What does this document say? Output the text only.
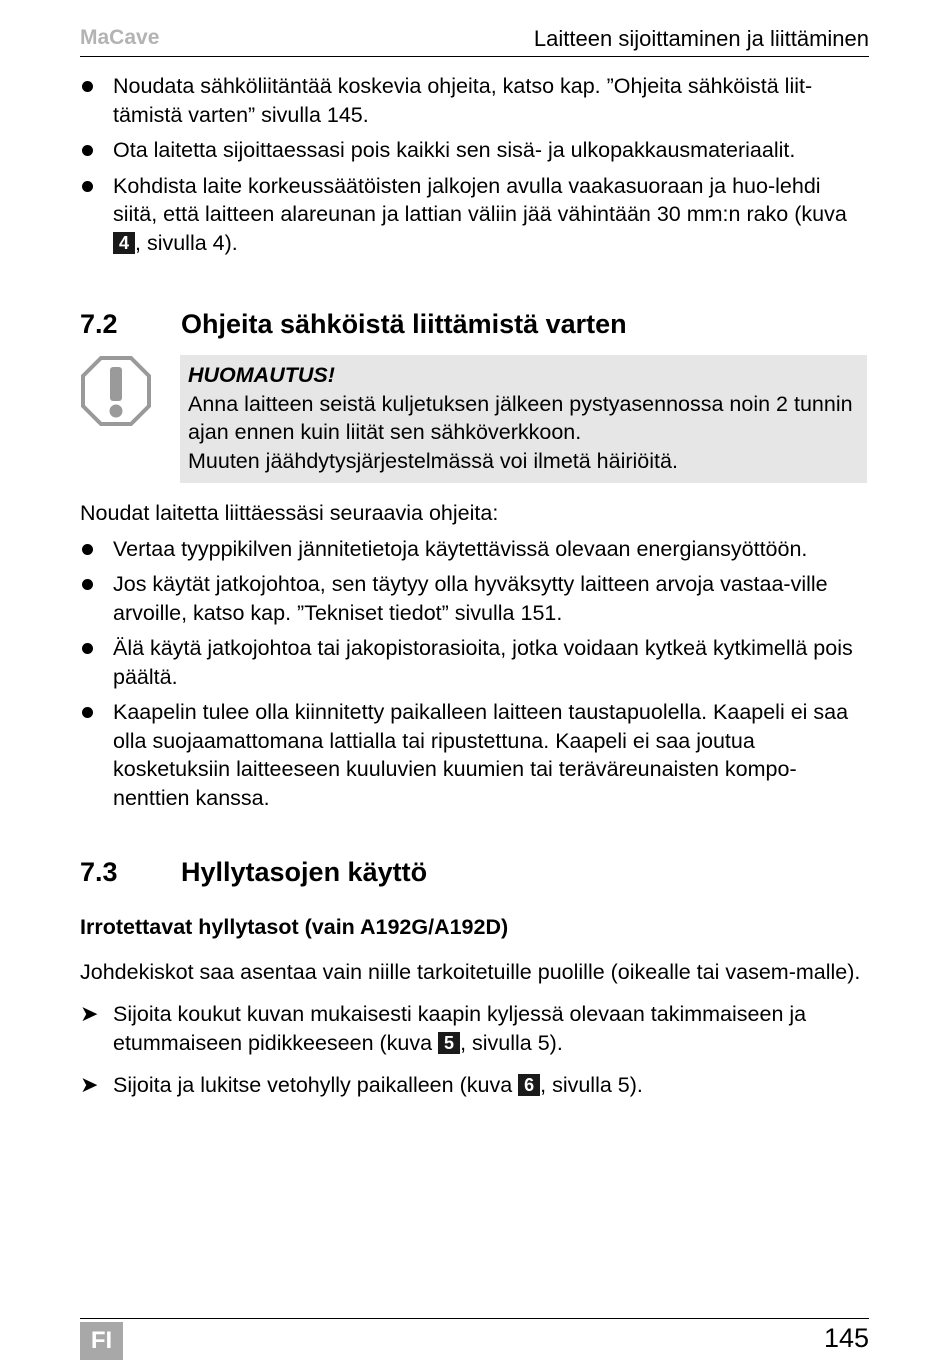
MaCave	Laitteen sijoittaminen ja liittäminen
Noudata sähköliitäntää koskevia ohjeita, katso kap. ”Ohjeita sähköistä liit-tämistä varten” sivulla 145.
Ota laitetta sijoittaessasi pois kaikki sen sisä- ja ulkopakkausmateriaalit.
Kohdista laite korkeussäätöisten jalkojen avulla vaakasuoraan ja huo-lehdi siitä, että laitteen alareunan ja lattian väliin jää vähintään 30 mm:n rako (kuva 4 , sivulla 4).
7.2 Ohjeita sähköistä liittämistä varten
HUOMAUTUS!
Anna laitteen seistä kuljetuksen jälkeen pystyasennossa noin 2 tunnin ajan ennen kuin liität sen sähköverkkoon.
Muuten jäähdytysjärjestelmässä voi ilmetä häiriöitä.

Noudat laitetta liittäessäsi seuraavia ohjeita:

Vertaa tyyppikilven jännitetietoja käytettävissä olevaan energiansyöttöön.
Jos käytät jatkojohtoa, sen täytyy olla hyväksytty laitteen arvoja vastaa-ville arvoille, katso kap. ”Tekniset tiedot” sivulla 151.
Älä käytä jatkojohtoa tai jakopistorasioita, jotka voidaan kytkeä kytkimellä pois päältä.
Kaapelin tulee olla kiinnitetty paikalleen laitteen taustapuolella. Kaapeli ei saa olla suojaamattomana lattialla tai ripustettuna. Kaapeli ei saa joutua kosketuksiin laitteeseen kuuluvien kuumien tai teräväreunaisten kompo-nenttien kanssa.
7.3 Hyllytasojen käyttö
Irrotettavat hyllytasot (vain A192G/A192D)

Johdekiskot saa asentaa vain niille tarkoitetuille puolille (oikealle tai vasem-malle).

➤ Sijoita koukut kuvan mukaisesti kaapin kyljessä olevaan takimmaiseen ja etummaiseen pidikkeeseen (kuva 5 , sivulla 5).
➤ Sijoita ja lukitse vetohylly paikalleen (kuva 6 , sivulla 5).
FI	145
